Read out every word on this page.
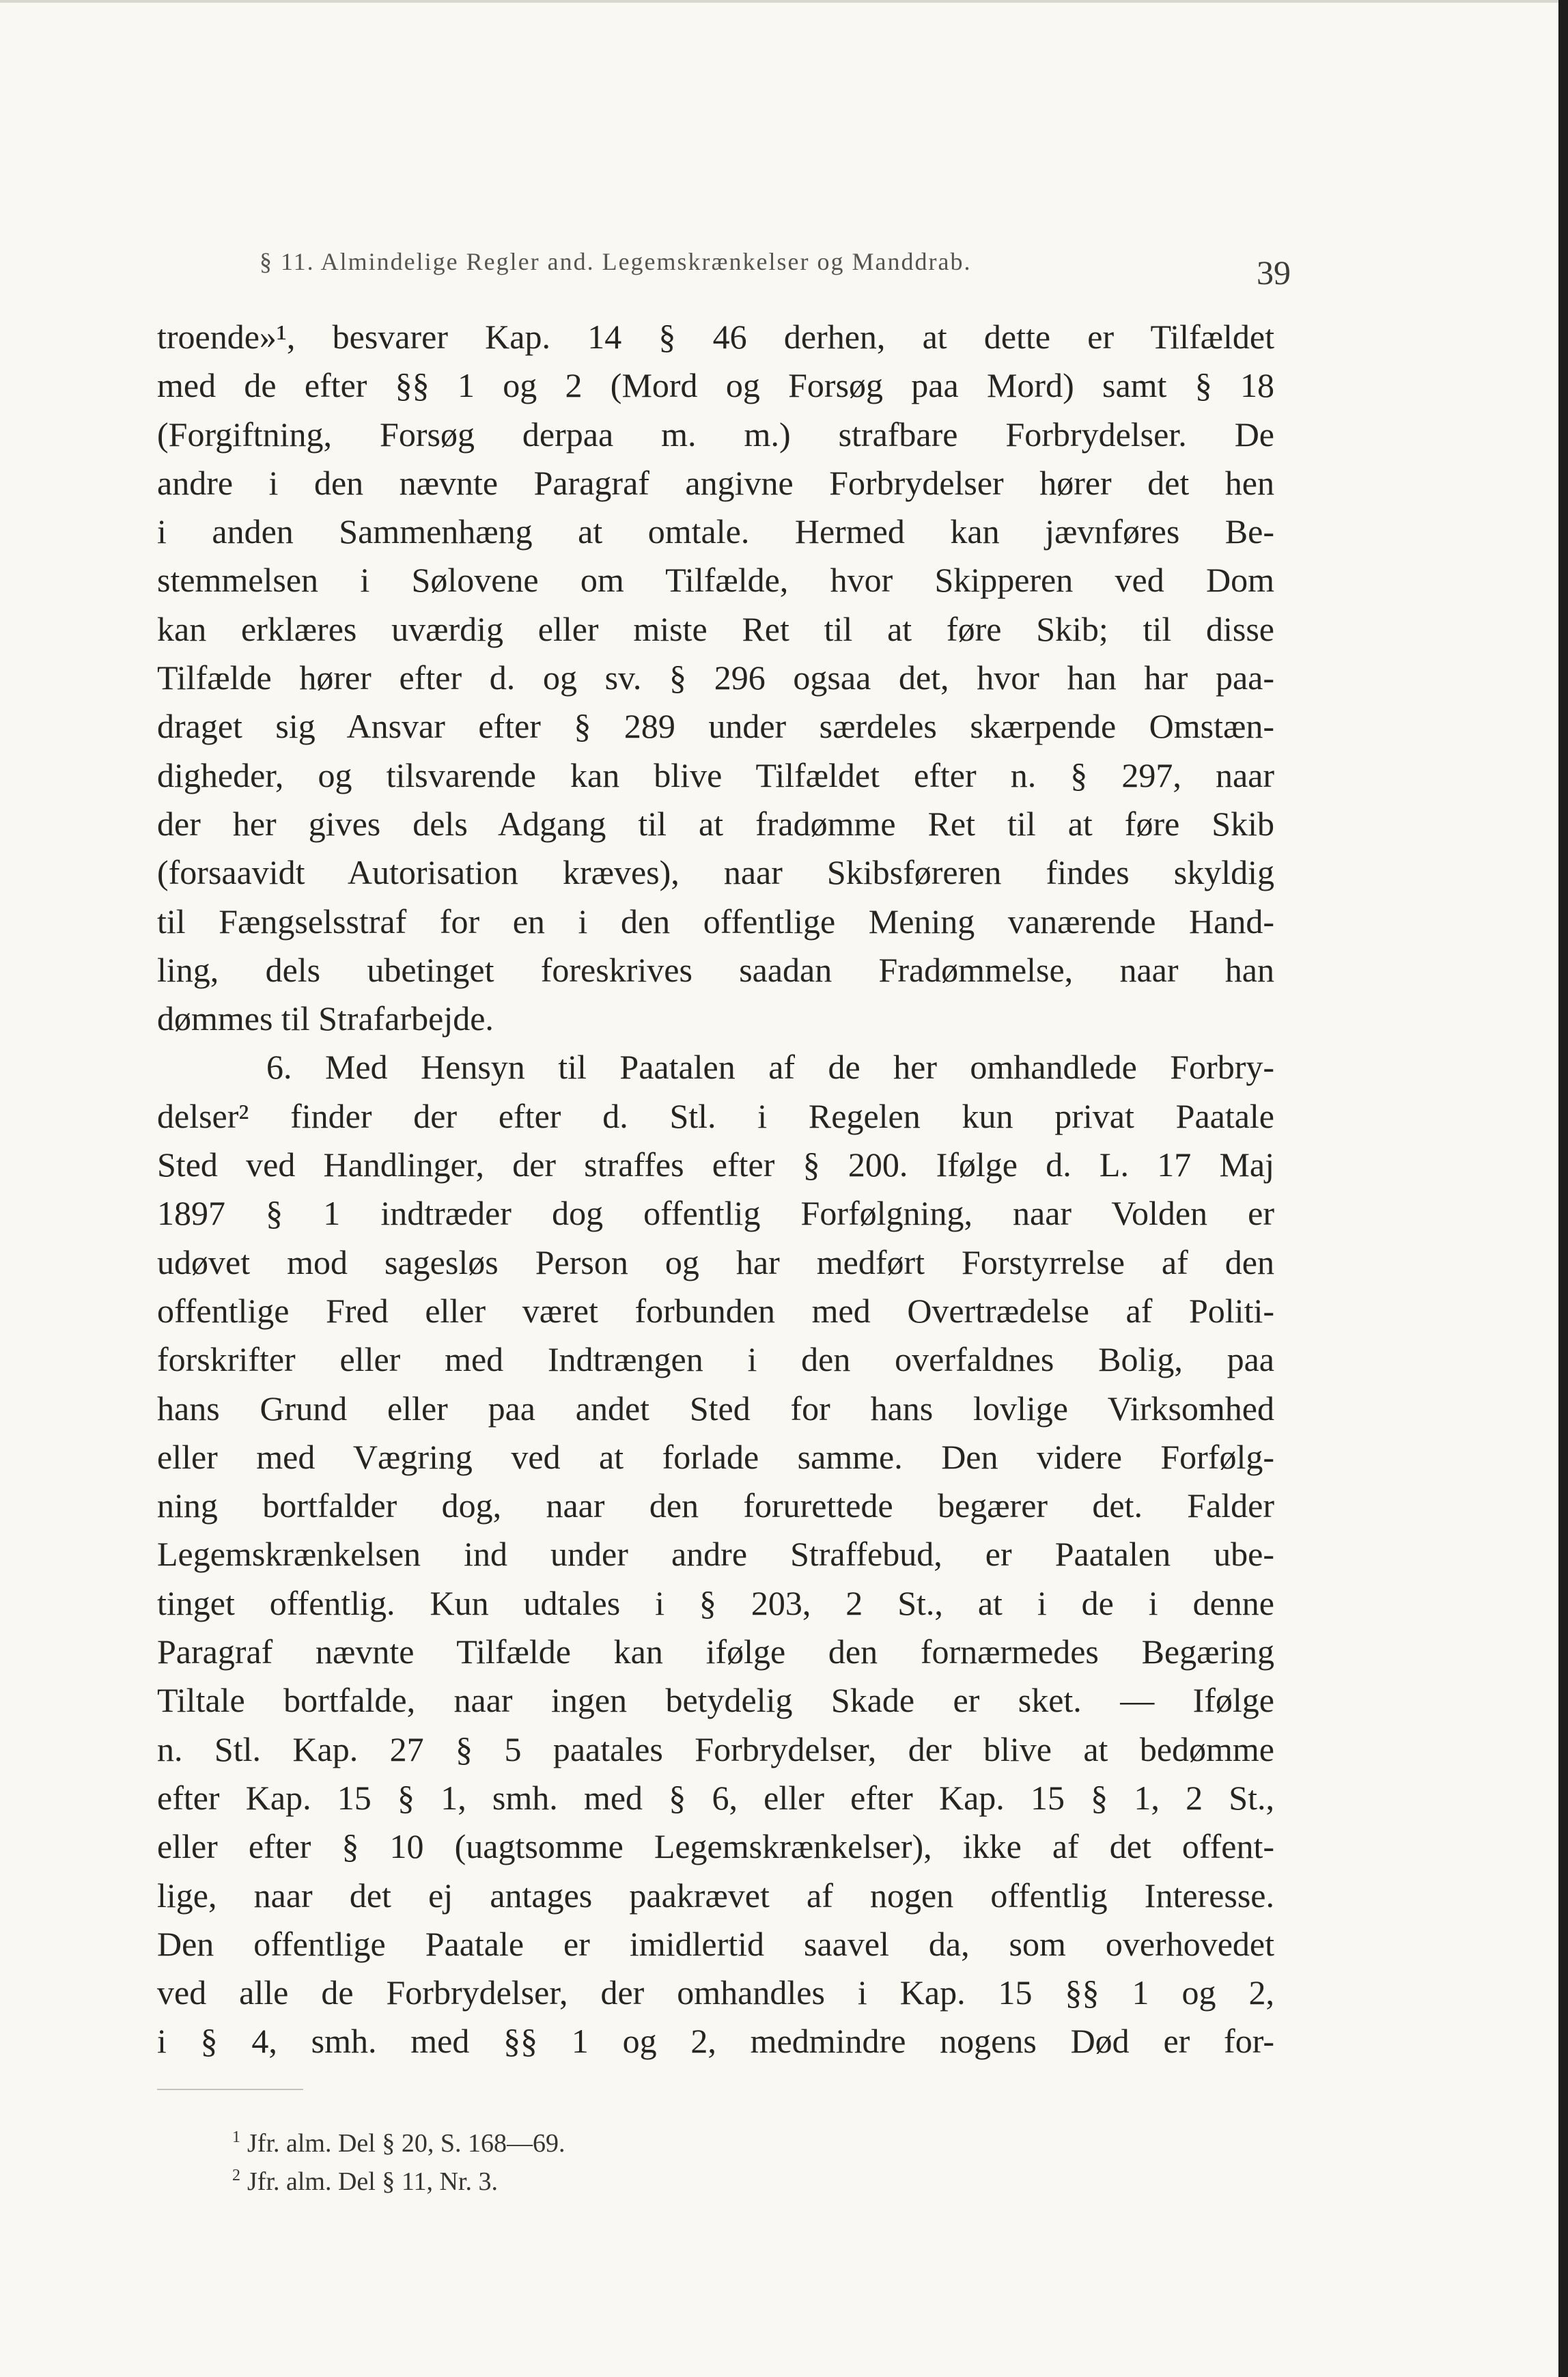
§ 11. Almindelige Regler and. Legemskrænkelser og Manddrab.	39
troende»¹, besvarer Kap. 14 § 46 derhen, at dette er Tilfældet
med de efter §§ 1 og 2 (Mord og Forsøg paa Mord) samt § 18
(Forgiftning, Forsøg derpaa m. m.) strafbare Forbrydelser. De
andre i den nævnte Paragraf angivne Forbrydelser hører det hen
i anden Sammenhæng at omtale. Hermed kan jævnføres Be-
stemmelsen i Sølovene om Tilfælde, hvor Skipperen ved Dom
kan erklæres uværdig eller miste Ret til at føre Skib; til disse
Tilfælde hører efter d. og sv. § 296 ogsaa det, hvor han har paa-
draget sig Ansvar efter § 289 under særdeles skærpende Omstæn-
digheder, og tilsvarende kan blive Tilfældet efter n. § 297, naar
der her gives dels Adgang til at fradømme Ret til at føre Skib
(forsaavidt Autorisation kræves), naar Skibsføreren findes skyldig
til Fængselsstraf for en i den offentlige Mening vanærende Hand-
ling, dels ubetinget foreskrives saadan Fradømmelse, naar han
dømmes til Strafarbejde.
6. Med Hensyn til Paatalen af de her omhandlede Forbry-
delser² finder der efter d. Stl. i Regelen kun privat Paatale
Sted ved Handlinger, der straffes efter § 200. Ifølge d. L. 17 Maj
1897 § 1 indtræder dog offentlig Forfølgning, naar Volden er
udøvet mod sagesløs Person og har medført Forstyrrelse af den
offentlige Fred eller været forbunden med Overtrædelse af Politi-
forskrifter eller med Indtrængen i den overfaldnes Bolig, paa
hans Grund eller paa andet Sted for hans lovlige Virksomhed
eller med Vægring ved at forlade samme. Den videre Forfølg-
ning bortfalder dog, naar den forurettede begærer det. Falder
Legemskrænkelsen ind under andre Straffebud, er Paatalen ube-
tinget offentlig. Kun udtales i § 203, 2 St., at i de i denne
Paragraf nævnte Tilfælde kan ifølge den fornærmedes Begæring
Tiltale bortfalde, naar ingen betydelig Skade er sket. — Ifølge
n. Stl. Kap. 27 § 5 paatales Forbrydelser, der blive at bedømme
efter Kap. 15 § 1, smh. med § 6, eller efter Kap. 15 § 1, 2 St.,
eller efter § 10 (uagtsomme Legemskrænkelser), ikke af det offent-
lige, naar det ej antages paakrævet af nogen offentlig Interesse.
Den offentlige Paatale er imidlertid saavel da, som overhovedet
ved alle de Forbrydelser, der omhandles i Kap. 15 §§ 1 og 2,
i § 4, smh. med §§ 1 og 2, medmindre nogens Død er for-
$^1$ Jfr. alm. Del § 20, S. 168—69.
$^2$ Jfr. alm. Del § 11, Nr. 3.
